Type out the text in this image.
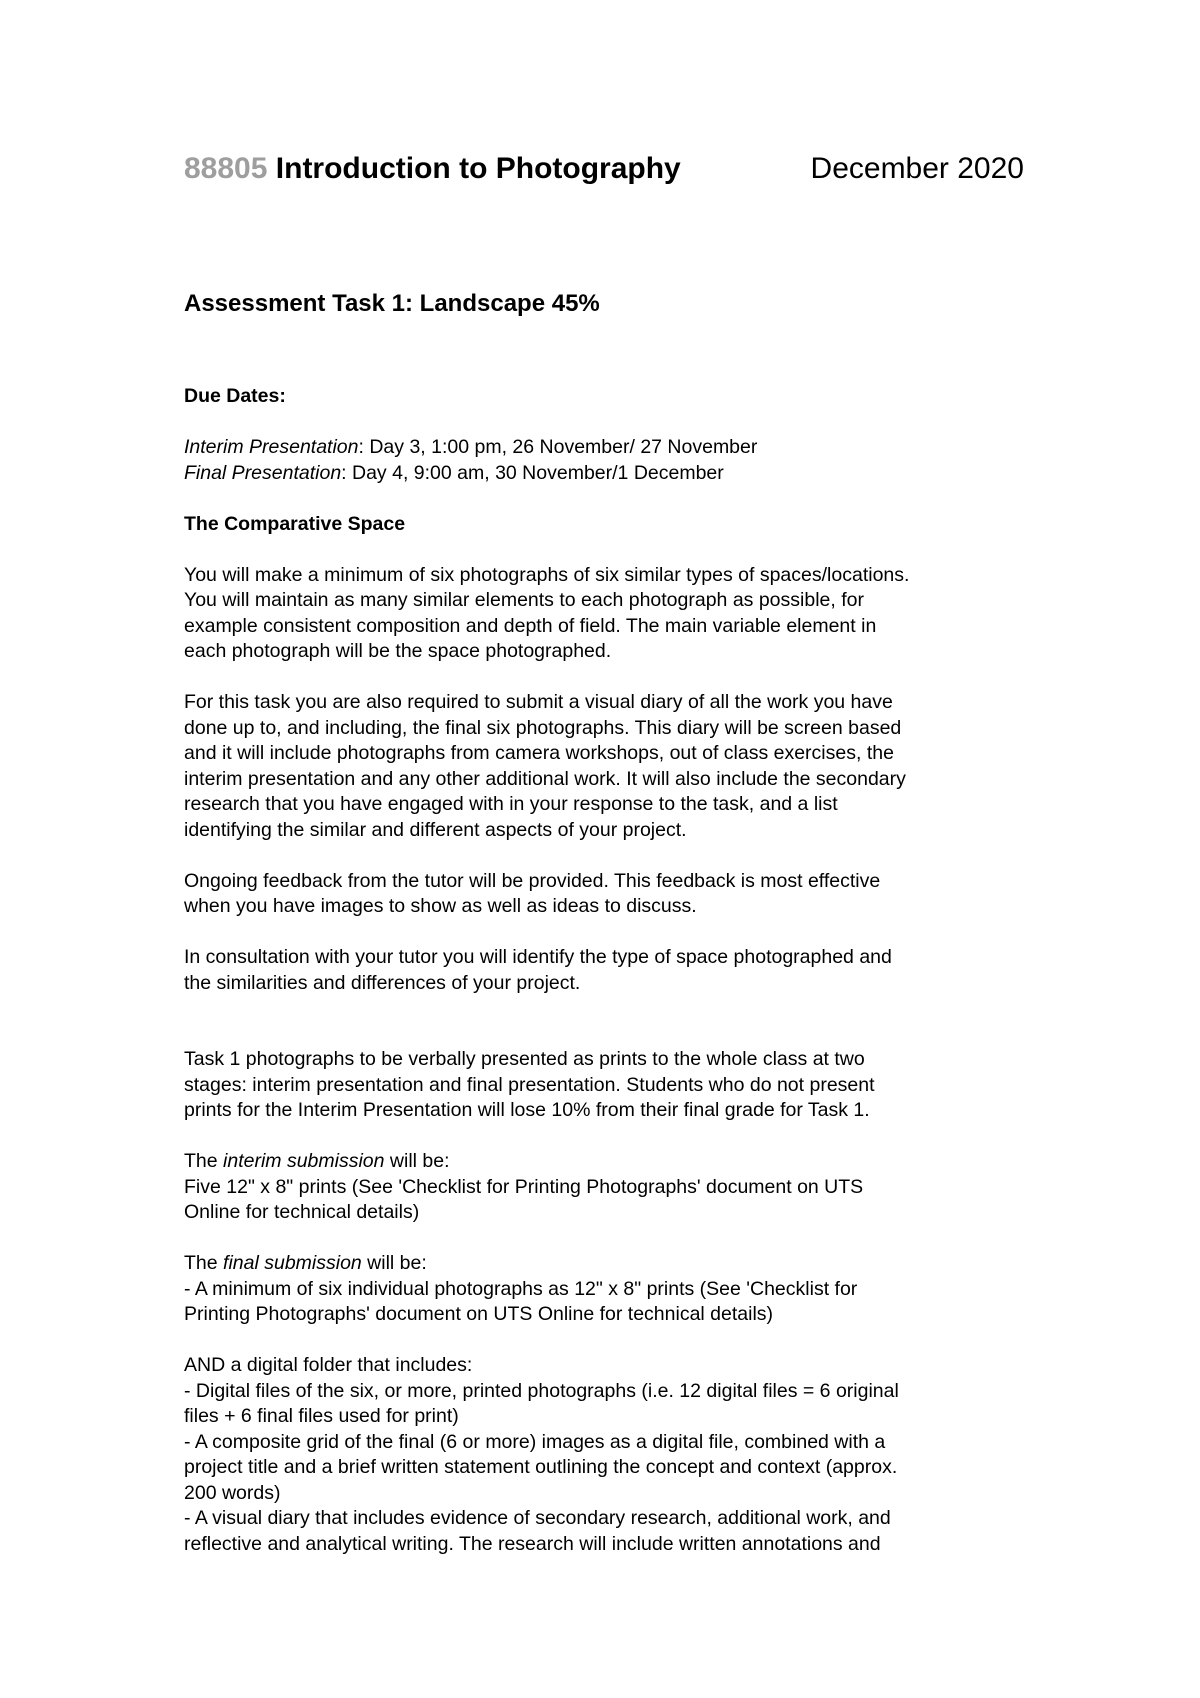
88805 Introduction to Photography	December 2020
Assessment Task 1: Landscape 45%

Due Dates:

Interim Presentation: Day 3, 1:00 pm, 26 November/ 27 November

Final Presentation: Day 4, 9:00 am, 30 November/1 December

The Comparative Space

You will make a minimum of six photographs of six similar types of spaces/locations.

You will maintain as many similar elements to each photograph as possible, for

example consistent composition and depth of field. The main variable element in

each photograph will be the space photographed.

For this task you are also required to submit a visual diary of all the work you have

done up to, and including, the final six photographs. This diary will be screen based

and it will include photographs from camera workshops, out of class exercises, the

interim presentation and any other additional work. It will also include the secondary

research that you have engaged with in your response to the task, and a list

identifying the similar and different aspects of your project.

Ongoing feedback from the tutor will be provided. This feedback is most effective

when you have images to show as well as ideas to discuss.

In consultation with your tutor you will identify the type of space photographed and

the similarities and differences of your project.

Task 1 photographs to be verbally presented as prints to the whole class at two

stages: interim presentation and final presentation. Students who do not present

prints for the Interim Presentation will lose 10% from their final grade for Task 1.

The interim submission will be:

Five 12" x 8" prints (See 'Checklist for Printing Photographs' document on UTS

Online for technical details)

The final submission will be:

- A minimum of six individual photographs as 12" x 8" prints (See 'Checklist for

Printing Photographs' document on UTS Online for technical details)

AND a digital folder that includes:

- Digital files of the six, or more, printed photographs (i.e. 12 digital files = 6 original

files + 6 final files used for print)

- A composite grid of the final (6 or more) images as a digital file, combined with a

project title and a brief written statement outlining the concept and context (approx.

200 words)

- A visual diary that includes evidence of secondary research, additional work, and

reflective and analytical writing. The research will include written annotations and
